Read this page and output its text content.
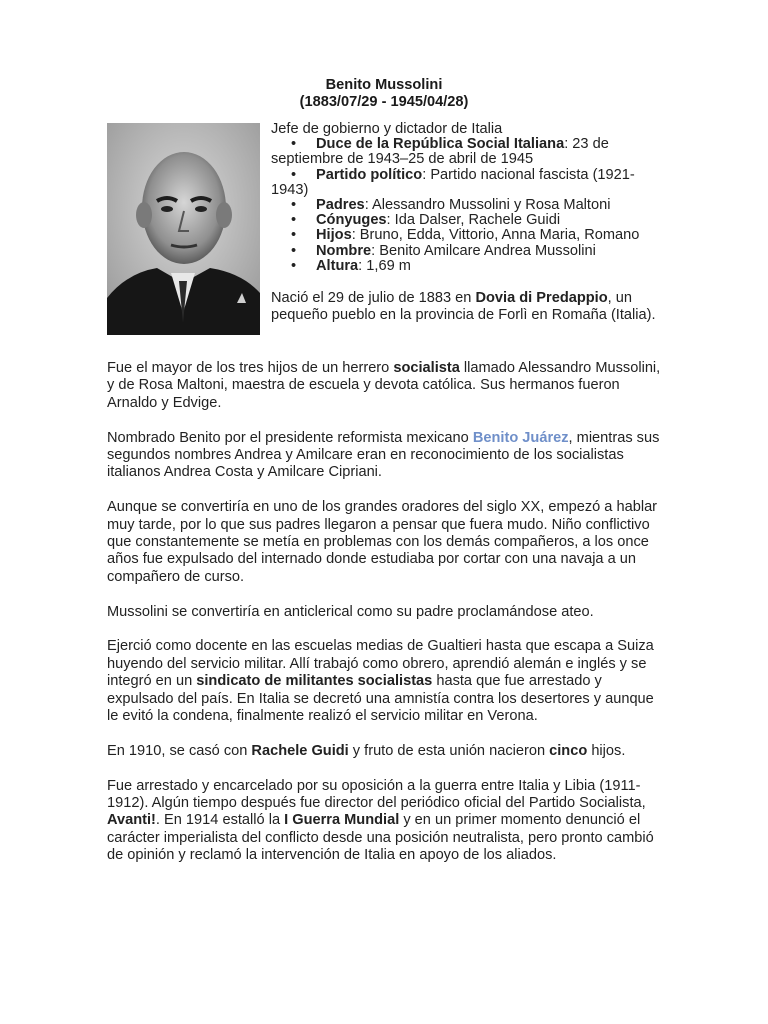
Benito Mussolini
(1883/07/29 - 1945/04/28)
Jefe de gobierno y dictador de Italia
• Duce de la República Social Italiana: 23 de septiembre de 1943–25 de abril de 1945
• Partido político: Partido nacional fascista (1921-1943)
• Padres: Alessandro Mussolini y Rosa Maltoni
• Cónyuges: Ida Dalser, Rachele Guidi
• Hijos: Bruno, Edda, Vittorio, Anna Maria, Romano
• Nombre: Benito Amilcare Andrea Mussolini
• Altura: 1,69 m
Nació el 29 de julio de 1883 en Dovia di Predappio, un pequeño pueblo en la provincia de Forlì en Romaña (Italia).

Fue el mayor de los tres hijos de un herrero socialista llamado Alessandro Mussolini, y de Rosa Maltoni, maestra de escuela y devota católica. Sus hermanos fueron Arnaldo y Edvige.

Nombrado Benito por el presidente reformista mexicano Benito Juárez, mientras sus segundos nombres Andrea y Amilcare eran en reconocimiento de los socialistas italianos Andrea Costa y Amilcare Cipriani.

Aunque se convertiría en uno de los grandes oradores del siglo XX, empezó a hablar muy tarde, por lo que sus padres llegaron a pensar que fuera mudo. Niño conflictivo que constantemente se metía en problemas con los demás compañeros, a los once años fue expulsado del internado donde estudiaba por cortar con una navaja a un compañero de curso.

Mussolini se convertiría en anticlerical como su padre proclamándose ateo.

Ejerció como docente en las escuelas medias de Gualtieri hasta que escapa a Suiza huyendo del servicio militar. Allí trabajó como obrero, aprendió alemán e inglés y se integró en un sindicato de militantes socialistas hasta que fue arrestado y expulsado del país. En Italia se decretó una amnistía contra los desertores y aunque le evitó la condena, finalmente realizó el servicio militar en Verona.

En 1910, se casó con Rachele Guidi y fruto de esta unión nacieron cinco hijos.

Fue arrestado y encarcelado por su oposición a la guerra entre Italia y Libia (1911-1912). Algún tiempo después fue director del periódico oficial del Partido Socialista, Avanti!. En 1914 estalló la I Guerra Mundial y en un primer momento denunció el carácter imperialista del conflicto desde una posición neutralista, pero pronto cambió de opinión y reclamó la intervención de Italia en apoyo de los aliados.
